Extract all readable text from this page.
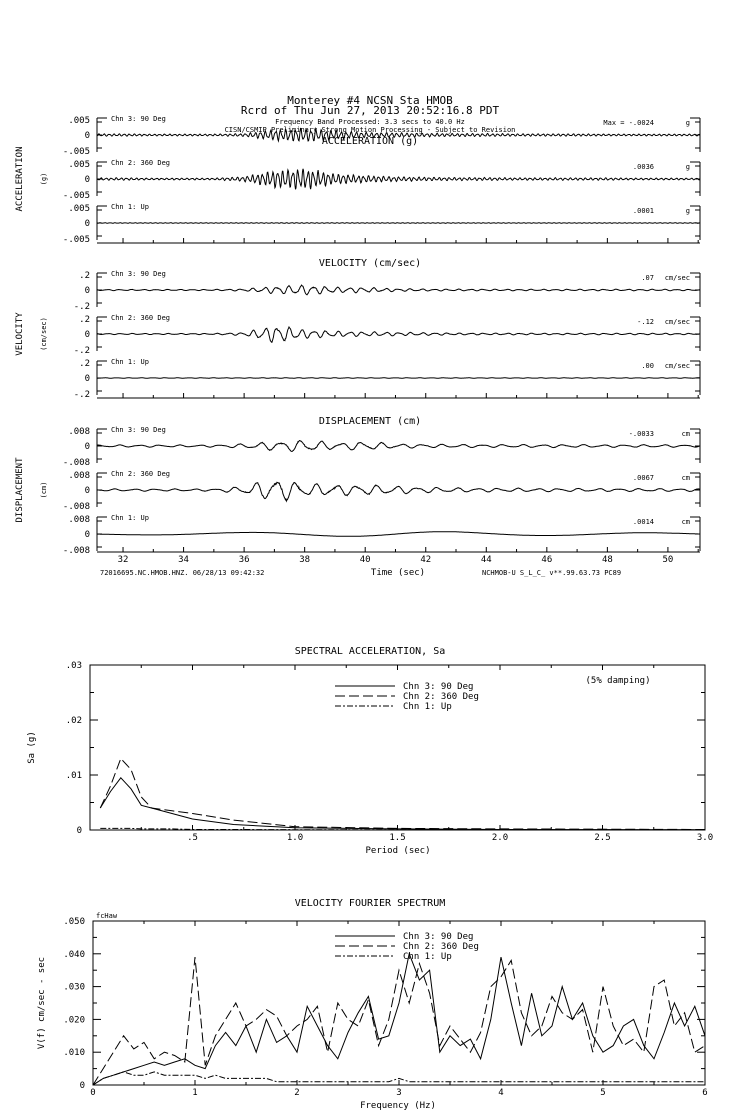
Monterey #4 NCSN Sta HMOB
Rcrd of Thu Jun 27, 2013 20:52:16.8 PDT
Frequency Band Processed: 3.3 secs to 40.0 Hz
CISN/CSMIP Preliminary Strong Motion Processing - Subject to Revision
72016695.NC.HMOB.HNZ. 06/28/13 09:42:32	NCHMOB-U S_L_C_ v**.99.63.73 PC89
ACCELERATION (g)
ACCELERATION (g)
.005
0
-.005
Chn 3: 90 Deg	Max = -.0024	g
.005
0
-.005
Chn 2: 360 Deg	.0036	g
.005
0
-.005
Chn 1: Up	.0001	g
VELOCITY (cm/sec)
VELOCITY (cm/sec)
.2
0
-.2
Chn 3: 90 Deg	.07 cm/sec
.2
0
-.2
Chn 2: 360 Deg	-.12 cm/sec
.2
0
-.2
Chn 1: Up	.00 cm/sec
DISPLACEMENT (cm)
DISPLACEMENT (cm)
.008
0
-.008
Chn 3: 90 Deg	-.0033	cm
.008
0
-.008
Chn 2: 360 Deg	.0067	cm
.008
0
-.008
Chn 1: Up	.0014	cm
32	34	36	38	40	42	44	46	48	50
Time (sec)
SPECTRAL ACCELERATION, Sa
.5	1.0	1.5	2.0	2.5	3.0
0
.01
.02
.03
Period (sec)
Sa (g)
Chn 3: 90 Deg
Chn 2: 360 Deg
Chn 1: Up
(5% damping)
VELOCITY FOURIER SPECTRUM
0	1	2	3	4	5	6
0
.010
.020
.030
.040
.050
Frequency (Hz)
V(f) cm/sec - sec
Chn 3: 90 Deg
Chn 2: 360 Deg
Chn 1: Up
fcHaw
